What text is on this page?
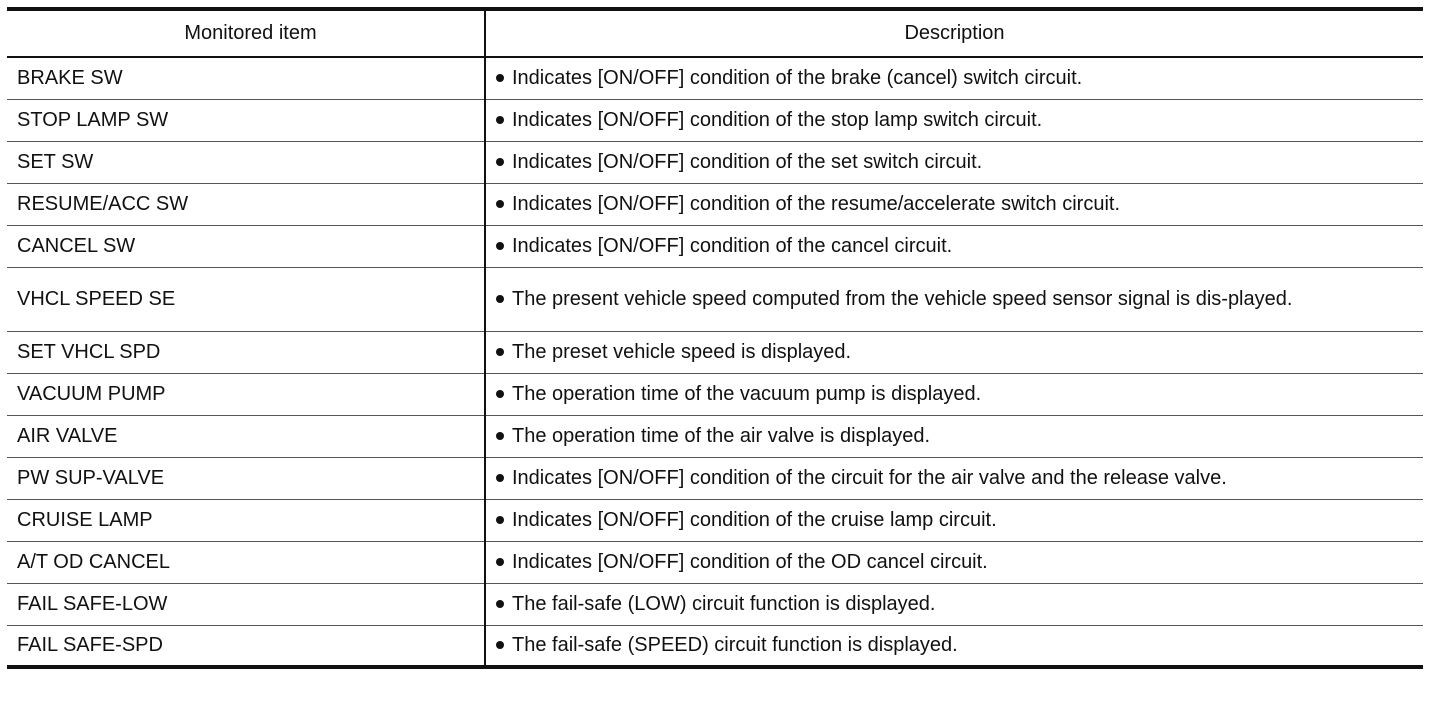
Monitored item	Description
BRAKE SW	Indicates [ON/OFF] condition of the brake (cancel) switch circuit.

STOP LAMP SW	Indicates [ON/OFF] condition of the stop lamp switch circuit.

SET SW	Indicates [ON/OFF] condition of the set switch circuit.

RESUME/ACC SW	Indicates [ON/OFF] condition of the resume/accelerate switch circuit.

CANCEL SW	Indicates [ON/OFF] condition of the cancel circuit.

VHCL SPEED SE	The present vehicle speed computed from the vehicle speed sensor signal is dis-played.

SET VHCL SPD	The preset vehicle speed is displayed.

VACUUM PUMP	The operation time of the vacuum pump is displayed.

AIR VALVE	The operation time of the air valve is displayed.

PW SUP-VALVE	Indicates [ON/OFF] condition of the circuit for the air valve and the release valve.

CRUISE LAMP	Indicates [ON/OFF] condition of the cruise lamp circuit.

A/T OD CANCEL	Indicates [ON/OFF] condition of the OD cancel circuit.

FAIL SAFE-LOW	The fail-safe (LOW) circuit function is displayed.

FAIL SAFE-SPD	The fail-safe (SPEED) circuit function is displayed.
